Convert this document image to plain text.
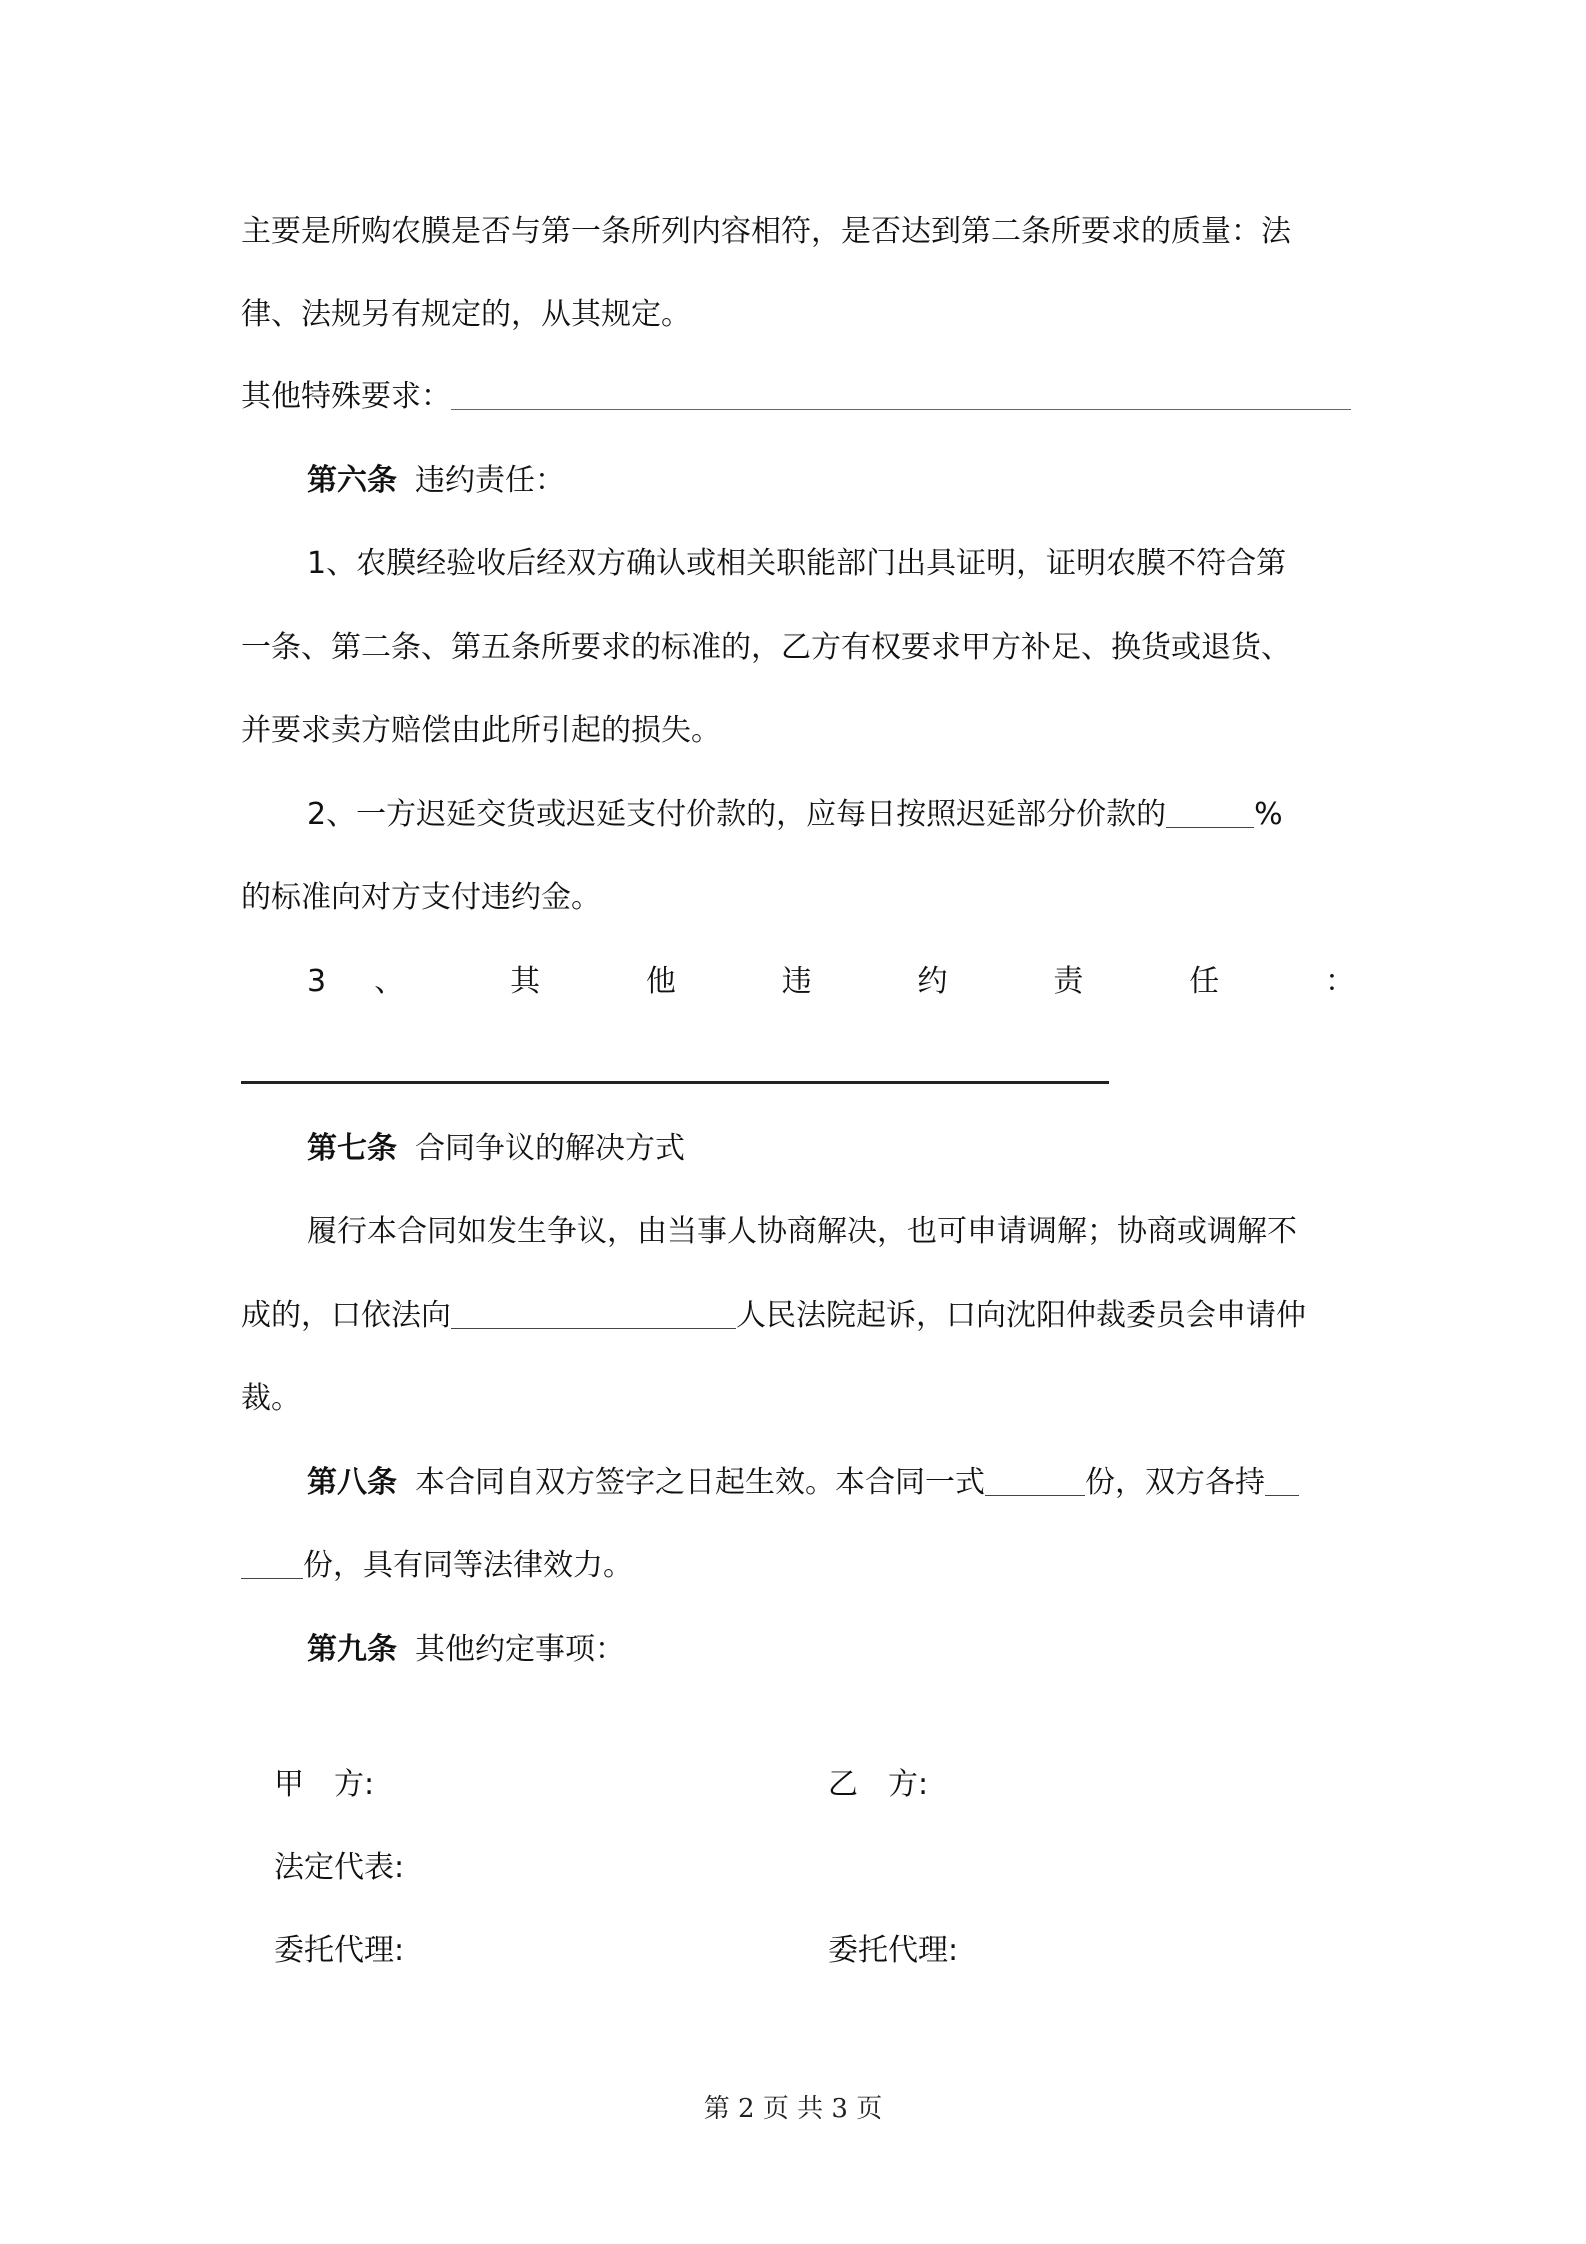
主要是所购农膜是否与第一条所列内容相符，是否达到第二条所要求的质量：法
律、法规另有规定的，从其规定。
其他特殊要求：
第六条 违约责任：
1、农膜经验收后经双方确认或相关职能部门出具证明，证明农膜不符合第
一条、第二条、第五条所要求的标准的，乙方有权要求甲方补足、换货或退货、
并要求卖方赔偿由此所引起的损失。
2、一方迟延交货或迟延支付价款的，应每日按照迟延部分价款的	%
的标准向对方支付违约金。
3、 其 他 违 约 责 任 ：
第七条 合同争议的解决方式
履行本合同如发生争议，由当事人协商解决，也可申请调解；协商或调解不
成的，口依法向	人民法院起诉，口向沈阳仲裁委员会申请仲
裁。
第八条 本合同自双方签字之日起生效。本合同一式	份，双方各持
份，具有同等法律效力。
第九条 其他约定事项：
甲　方:	乙　方:
法定代表:
委托代理:	委托代理:
第 2 页 共 3 页
